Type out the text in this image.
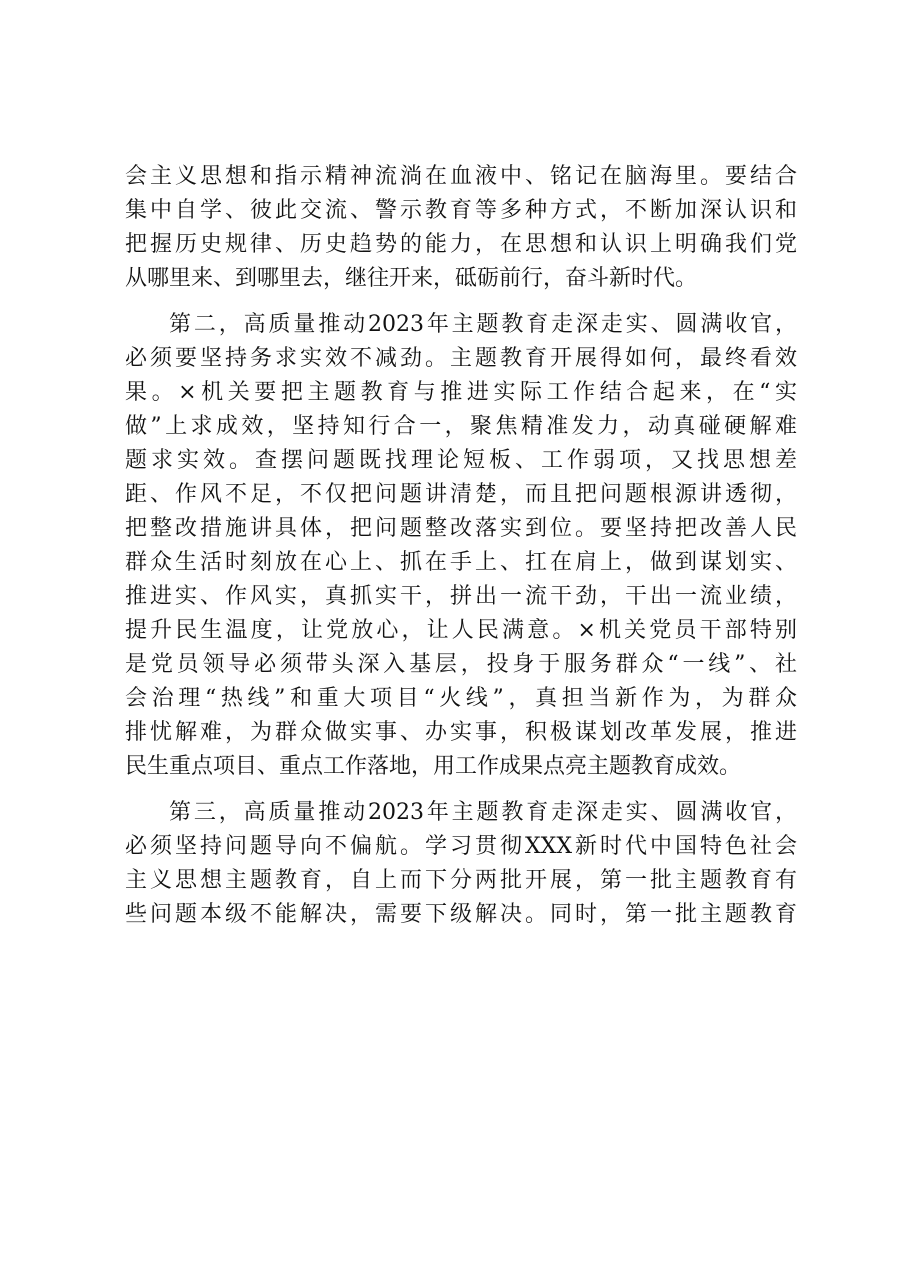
会主义思想和指示精神流淌在血液中、铭记在脑海里。要结合

集中自学、彼此交流、警示教育等多种方式，不断加深认识和

把握历史规律、历史趋势的能力，在思想和认识上明确我们党

从哪里来、到哪里去，继往开来，砥砺前行，奋斗新时代。

第二，高质量推动2023年主题教育走深走实、圆满收官，

必须要坚持务求实效不减劲。主题教育开展得如何，最终看效

果。×机关要把主题教育与推进实际工作结合起来，在“实

做”上求成效，坚持知行合一，聚焦精准发力，动真碰硬解难

题求实效。查摆问题既找理论短板、工作弱项，又找思想差

距、作风不足，不仅把问题讲清楚，而且把问题根源讲透彻，

把整改措施讲具体，把问题整改落实到位。要坚持把改善人民

群众生活时刻放在心上、抓在手上、扛在肩上，做到谋划实、

推进实、作风实，真抓实干，拼出一流干劲，干出一流业绩，

提升民生温度，让党放心，让人民满意。×机关党员干部特别

是党员领导必须带头深入基层，投身于服务群众“一线”、社

会治理“热线”和重大项目“火线”，真担当新作为，为群众

排忧解难，为群众做实事、办实事，积极谋划改革发展，推进

民生重点项目、重点工作落地，用工作成果点亮主题教育成效。

第三，高质量推动2023年主题教育走深走实、圆满收官，

必须坚持问题导向不偏航。学习贯彻XXX新时代中国特色社会

主义思想主题教育，自上而下分两批开展，第一批主题教育有

些问题本级不能解决，需要下级解决。同时，第一批主题教育
